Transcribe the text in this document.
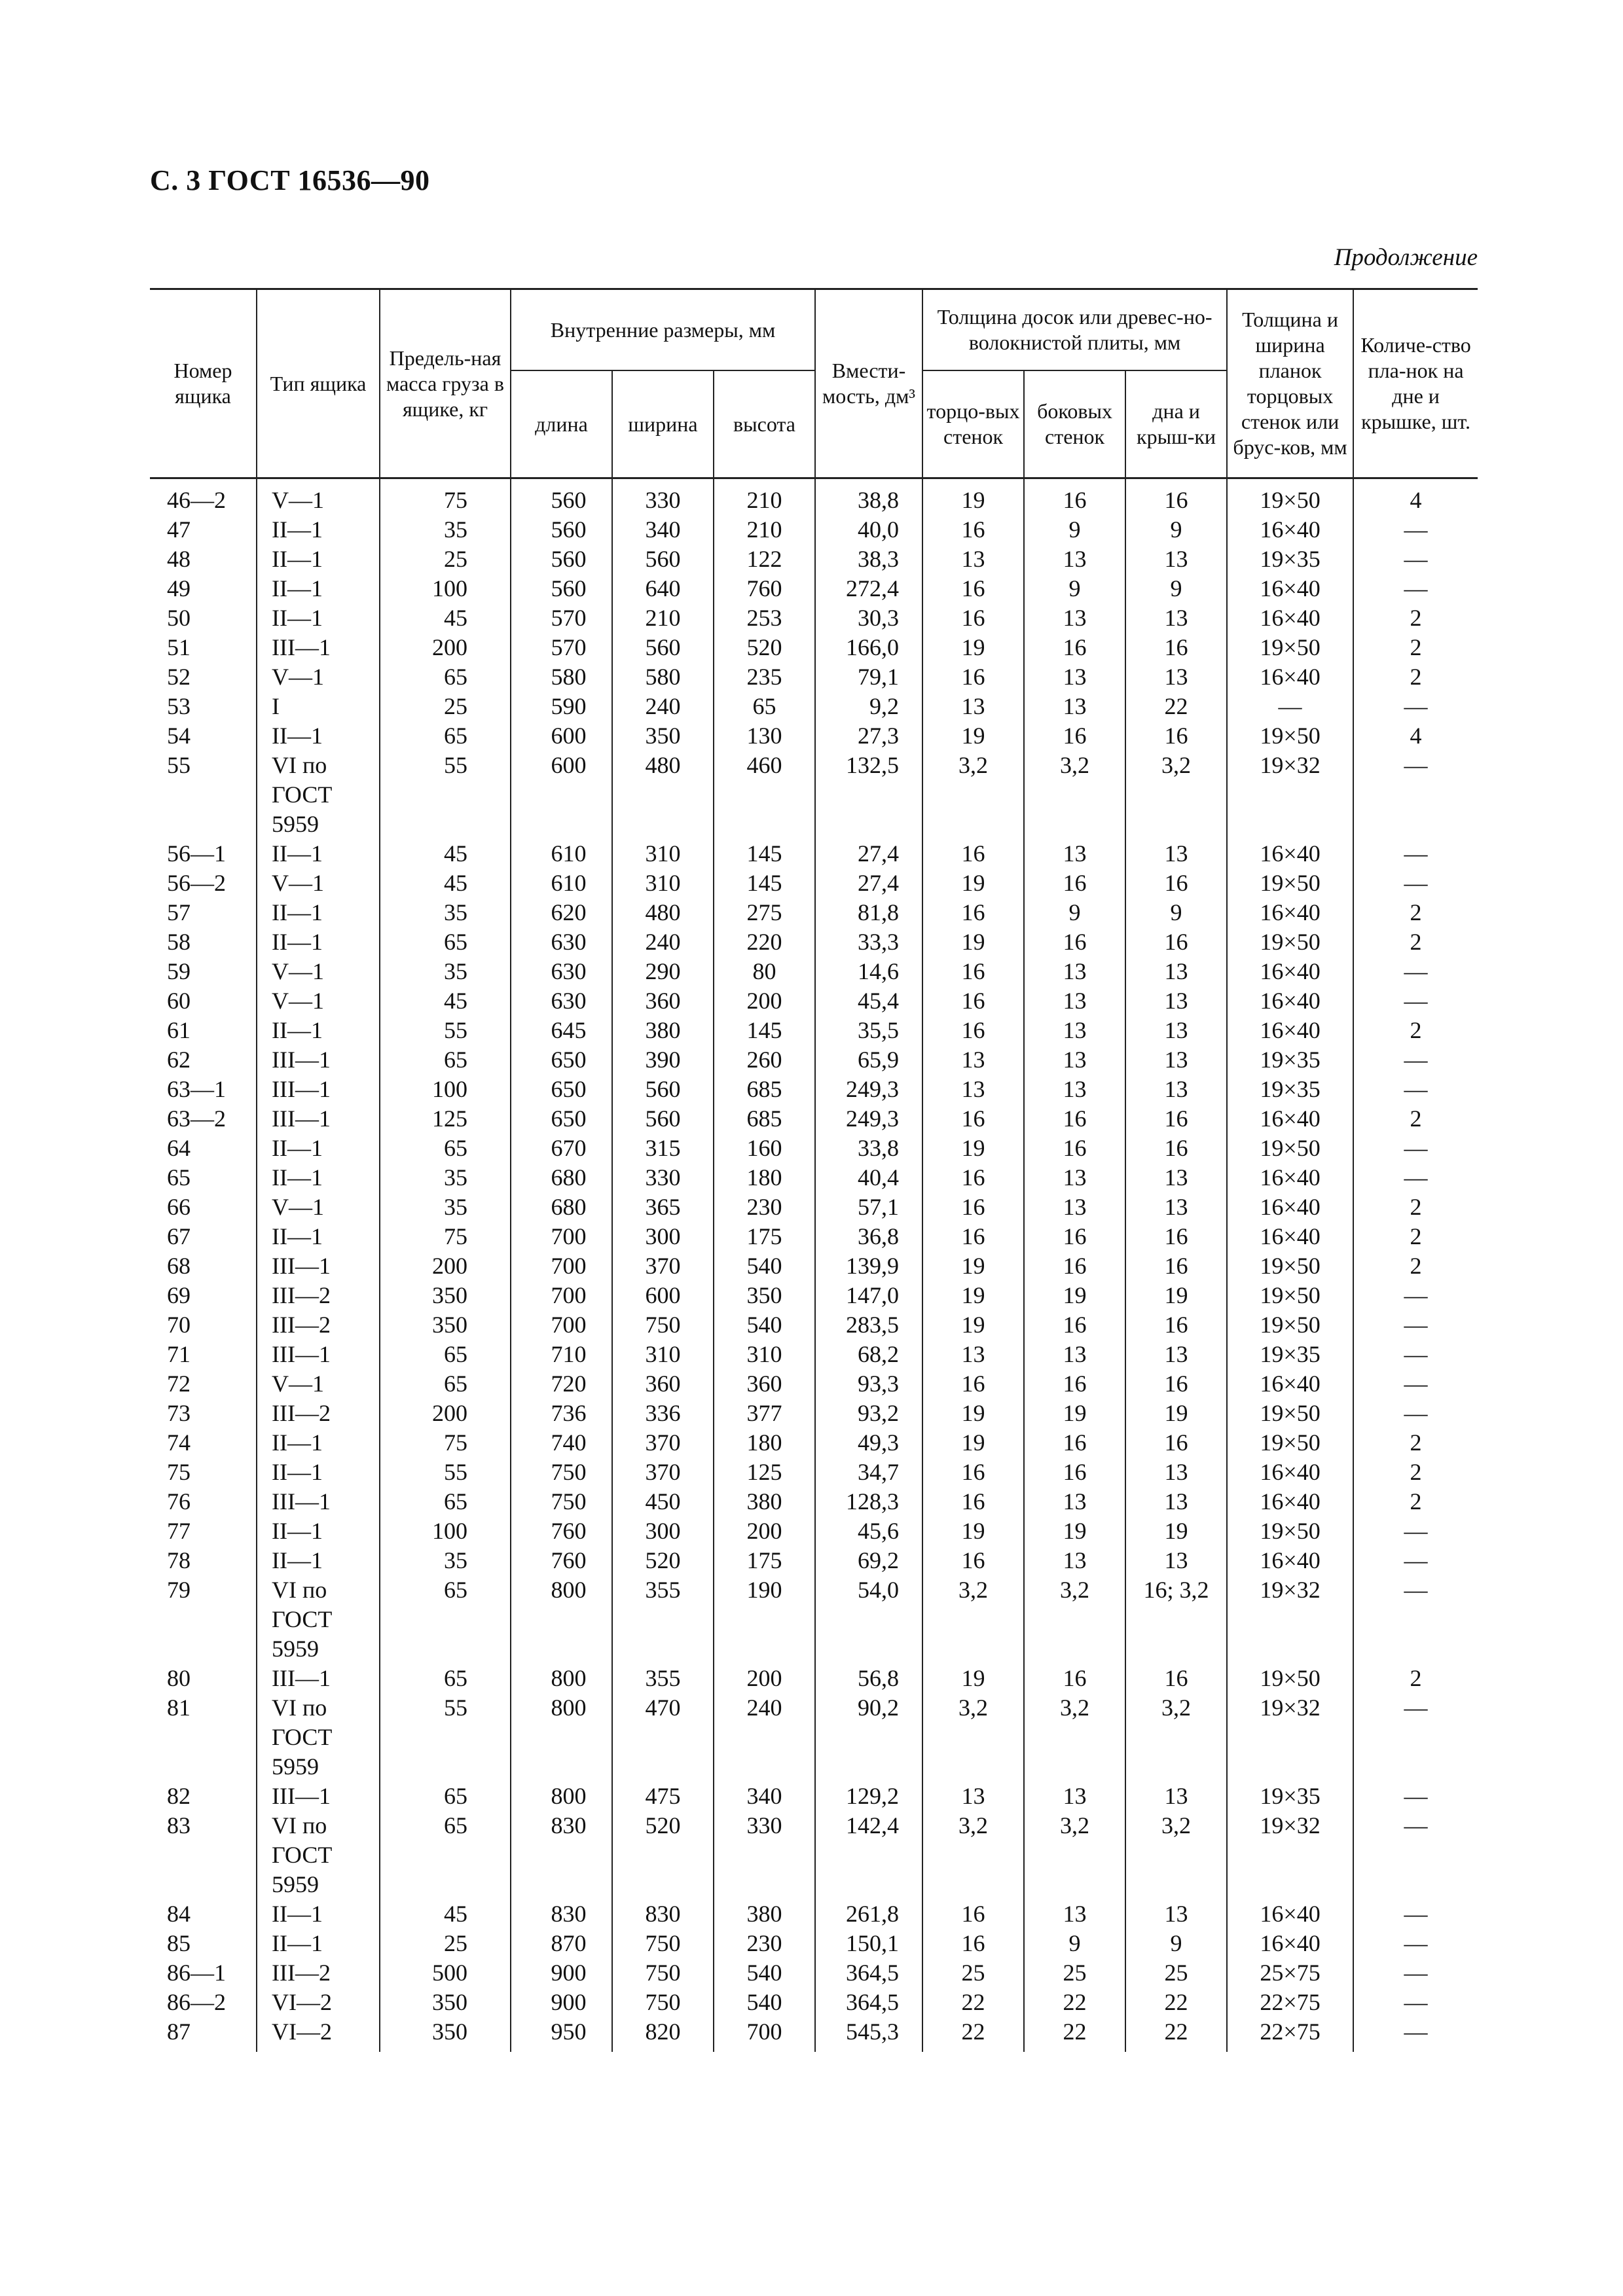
С. 3 ГОСТ 16536—90
Продолжение
Номер ящика	Тип ящика	Предель-ная масса груза в ящике, кг	Внутренние размеры, мм			Вмести-мость, дм³	Толщина досок или древес-но-волокнистой плиты, мм			Толщина и ширина планок торцовых стенок или брус-ков, мм	Количе-ство пла-нок на дне и крышке, шт.
			длина	ширина	высота		торцо-вых стенок	боковых стенок	дна и крыш-ки		
46—2	V—1	75	560	330	210	38,8	19	16	16	19×50	4
47	II—1	35	560	340	210	40,0	16	9	9	16×40	—
48	II—1	25	560	560	122	38,3	13	13	13	19×35	—
49	II—1	100	560	640	760	272,4	16	9	9	16×40	—
50	II—1	45	570	210	253	30,3	16	13	13	16×40	2
51	III—1	200	570	560	520	166,0	19	16	16	19×50	2
52	V—1	65	580	580	235	79,1	16	13	13	16×40	2
53	I	25	590	240	65	9,2	13	13	22	—	—
54	II—1	65	600	350	130	27,3	19	16	16	19×50	4
55	VI по ГОСТ 5959	55	600	480	460	132,5	3,2	3,2	3,2	19×32	—
56—1	II—1	45	610	310	145	27,4	16	13	13	16×40	—
56—2	V—1	45	610	310	145	27,4	19	16	16	19×50	—
57	II—1	35	620	480	275	81,8	16	9	9	16×40	2
58	II—1	65	630	240	220	33,3	19	16	16	19×50	2
59	V—1	35	630	290	80	14,6	16	13	13	16×40	—
60	V—1	45	630	360	200	45,4	16	13	13	16×40	—
61	II—1	55	645	380	145	35,5	16	13	13	16×40	2
62	III—1	65	650	390	260	65,9	13	13	13	19×35	—
63—1	III—1	100	650	560	685	249,3	13	13	13	19×35	—
63—2	III—1	125	650	560	685	249,3	16	16	16	16×40	2
64	II—1	65	670	315	160	33,8	19	16	16	19×50	—
65	II—1	35	680	330	180	40,4	16	13	13	16×40	—
66	V—1	35	680	365	230	57,1	16	13	13	16×40	2
67	II—1	75	700	300	175	36,8	16	16	16	16×40	2
68	III—1	200	700	370	540	139,9	19	16	16	19×50	2
69	III—2	350	700	600	350	147,0	19	19	19	19×50	—
70	III—2	350	700	750	540	283,5	19	16	16	19×50	—
71	III—1	65	710	310	310	68,2	13	13	13	19×35	—
72	V—1	65	720	360	360	93,3	16	16	16	16×40	—
73	III—2	200	736	336	377	93,2	19	19	19	19×50	—
74	II—1	75	740	370	180	49,3	19	16	16	19×50	2
75	II—1	55	750	370	125	34,7	16	16	13	16×40	2
76	III—1	65	750	450	380	128,3	16	13	13	16×40	2
77	II—1	100	760	300	200	45,6	19	19	19	19×50	—
78	II—1	35	760	520	175	69,2	16	13	13	16×40	—
79	VI по ГОСТ 5959	65	800	355	190	54,0	3,2	3,2	16; 3,2	19×32	—
80	III—1	65	800	355	200	56,8	19	16	16	19×50	2
81	VI по ГОСТ 5959	55	800	470	240	90,2	3,2	3,2	3,2	19×32	—
82	III—1	65	800	475	340	129,2	13	13	13	19×35	—
83	VI по ГОСТ 5959	65	830	520	330	142,4	3,2	3,2	3,2	19×32	—
84	II—1	45	830	830	380	261,8	16	13	13	16×40	—
85	II—1	25	870	750	230	150,1	16	9	9	16×40	—
86—1	III—2	500	900	750	540	364,5	25	25	25	25×75	—
86—2	VI—2	350	900	750	540	364,5	22	22	22	22×75	—
87	VI—2	350	950	820	700	545,3	22	22	22	22×75	—
